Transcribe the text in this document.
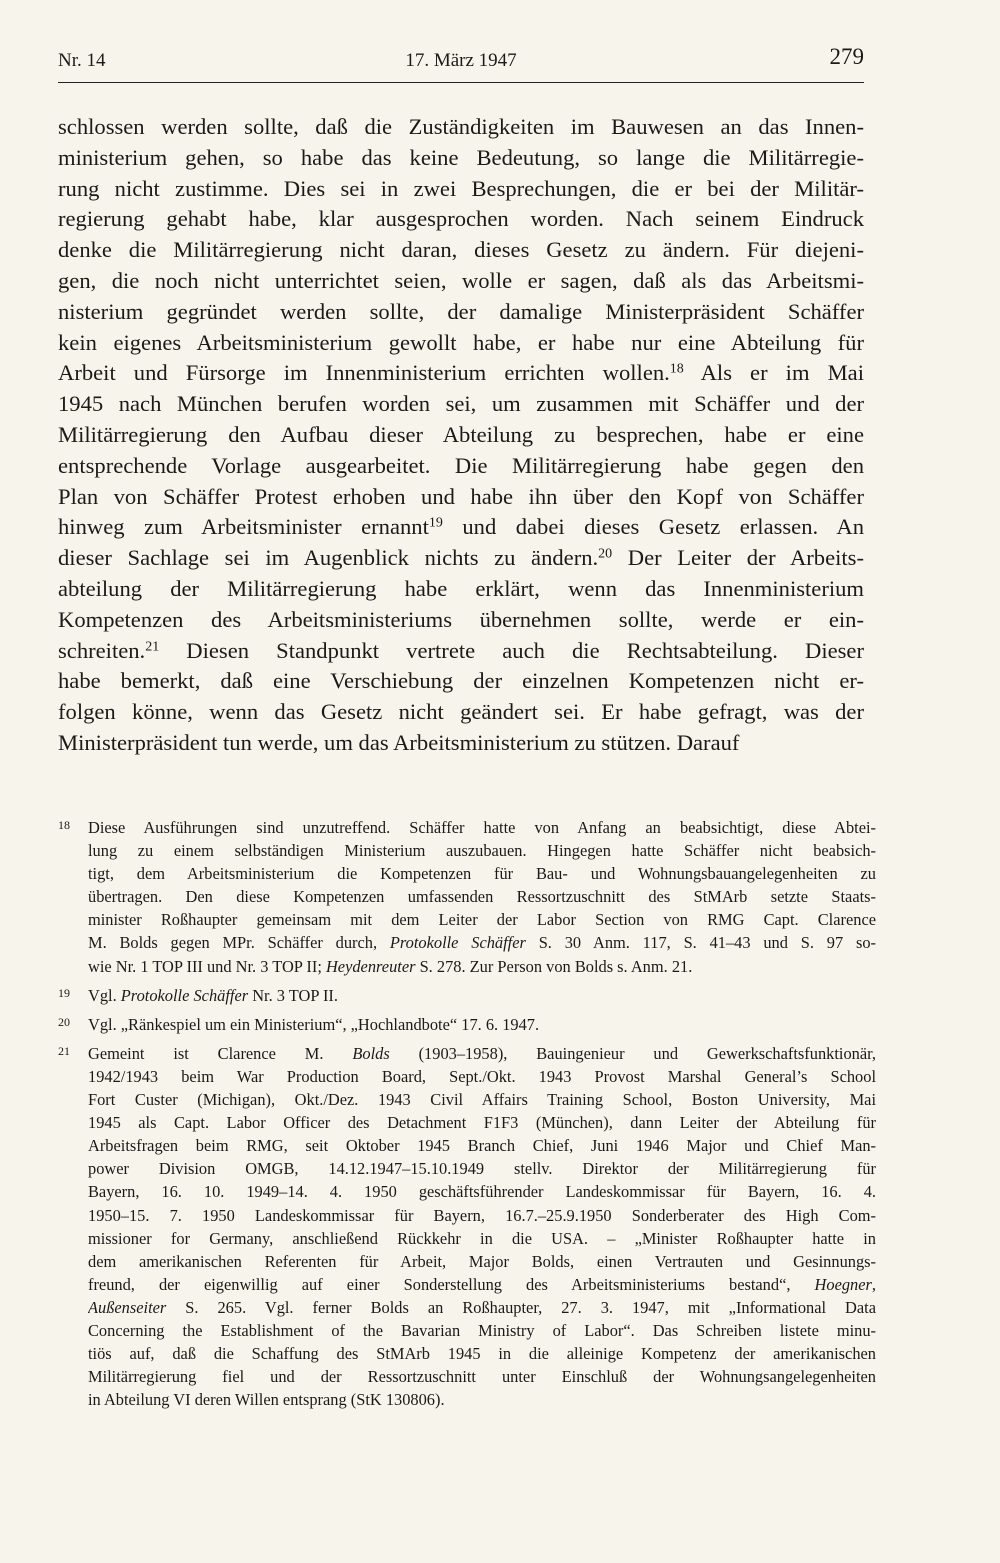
Nr. 14	17. März 1947	279
schlossen werden sollte, daß die Zuständigkeiten im Bauwesen an das Innen-
ministerium gehen, so habe das keine Bedeutung, so lange die Militärregie-
rung nicht zustimme. Dies sei in zwei Besprechungen, die er bei der Militär-
regierung gehabt habe, klar ausgesprochen worden. Nach seinem Eindruck
denke die Militärregierung nicht daran, dieses Gesetz zu ändern. Für diejeni-
gen, die noch nicht unterrichtet seien, wolle er sagen, daß als das Arbeitsmi-
nisterium gegründet werden sollte, der damalige Ministerpräsident Schäffer
kein eigenes Arbeitsministerium gewollt habe, er habe nur eine Abteilung für
Arbeit und Fürsorge im Innenministerium errichten wollen.$^{18}$ Als er im Mai
1945 nach München berufen worden sei, um zusammen mit Schäffer und der
Militärregierung den Aufbau dieser Abteilung zu besprechen, habe er eine
entsprechende Vorlage ausgearbeitet. Die Militärregierung habe gegen den
Plan von Schäffer Protest erhoben und habe ihn über den Kopf von Schäffer
hinweg zum Arbeitsminister ernannt$^{19}$ und dabei dieses Gesetz erlassen. An
dieser Sachlage sei im Augenblick nichts zu ändern.$^{20}$ Der Leiter der Arbeits-
abteilung der Militärregierung habe erklärt, wenn das Innenministerium
Kompetenzen des Arbeitsministeriums übernehmen sollte, werde er ein-
schreiten.$^{21}$ Diesen Standpunkt vertrete auch die Rechtsabteilung. Dieser
habe bemerkt, daß eine Verschiebung der einzelnen Kompetenzen nicht er-
folgen könne, wenn das Gesetz nicht geändert sei. Er habe gefragt, was der
Ministerpräsident tun werde, um das Arbeitsministerium zu stützen. Darauf
18 Diese Ausführungen sind unzutreffend. Schäffer hatte von Anfang an beabsichtigt, diese Abtei-
lung zu einem selbständigen Ministerium auszubauen. Hingegen hatte Schäffer nicht beabsich-
tigt, dem Arbeitsministerium die Kompetenzen für Bau- und Wohnungsbauangelegenheiten zu
übertragen. Den diese Kompetenzen umfassenden Ressortzuschnitt des StMArb setzte Staats-
minister Roßhaupter gemeinsam mit dem Leiter der Labor Section von RMG Capt. Clarence
M. Bolds gegen MPr. Schäffer durch, Protokolle Schäffer S. 30 Anm. 117, S. 41–43 und S. 97 so-
wie Nr. 1 TOP III und Nr. 3 TOP II; Heydenreuter S. 278. Zur Person von Bolds s. Anm. 21.
19 Vgl. Protokolle Schäffer Nr. 3 TOP II.
20 Vgl. „Ränkespiel um ein Ministerium“, „Hochlandbote“ 17. 6. 1947.
21 Gemeint ist Clarence M. Bolds (1903–1958), Bauingenieur und Gewerkschaftsfunktionär,
1942/1943 beim War Production Board, Sept./Okt. 1943 Provost Marshal General’s School
Fort Custer (Michigan), Okt./Dez. 1943 Civil Affairs Training School, Boston University, Mai
1945 als Capt. Labor Officer des Detachment F1F3 (München), dann Leiter der Abteilung für
Arbeitsfragen beim RMG, seit Oktober 1945 Branch Chief, Juni 1946 Major und Chief Man-
power Division OMGB, 14.12.1947–15.10.1949 stellv. Direktor der Militärregierung für
Bayern, 16. 10. 1949–14. 4. 1950 geschäftsführender Landeskommissar für Bayern, 16. 4.
1950–15. 7. 1950 Landeskommissar für Bayern, 16.7.–25.9.1950 Sonderberater des High Com-
missioner for Germany, anschließend Rückkehr in die USA. – „Minister Roßhaupter hatte in
dem amerikanischen Referenten für Arbeit, Major Bolds, einen Vertrauten und Gesinnungs-
freund, der eigenwillig auf einer Sonderstellung des Arbeitsministeriums bestand“, Hoegner,
Außenseiter S. 265. Vgl. ferner Bolds an Roßhaupter, 27. 3. 1947, mit „Informational Data
Concerning the Establishment of the Bavarian Ministry of Labor“. Das Schreiben listete minu-
tiös auf, daß die Schaffung des StMArb 1945 in die alleinige Kompetenz der amerikanischen
Militärregierung fiel und der Ressortzuschnitt unter Einschluß der Wohnungsangelegenheiten
in Abteilung VI deren Willen entsprang (StK 130806).
